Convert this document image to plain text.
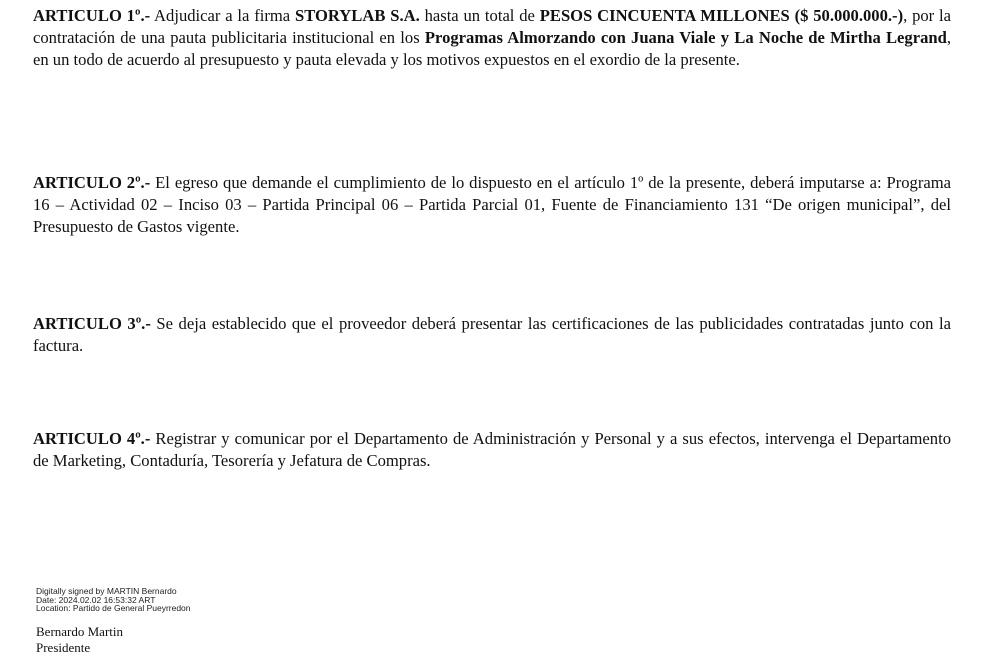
ARTICULO 1º.- Adjudicar a la firma STORYLAB S.A. hasta un total de PESOS CINCUENTA MILLONES ($ 50.000.000.-), por la contratación de una pauta publicitaria institucional en los Programas Almorzando con Juana Viale y La Noche de Mirtha Legrand, en un todo de acuerdo al presupuesto y pauta elevada y los motivos expuestos en el exordio de la presente.

ARTICULO 2º.- El egreso que demande el cumplimiento de lo dispuesto en el artículo 1º de la presente, deberá imputarse a: Programa 16 – Actividad 02 – Inciso 03 – Partida Principal 06 – Partida Parcial 01, Fuente de Financiamiento 131 “De origen municipal”, del Presupuesto de Gastos vigente.

ARTICULO 3º.- Se deja establecido que el proveedor deberá presentar las certificaciones de las publicidades contratadas junto con la factura.

ARTICULO 4º.- Registrar y comunicar por el Departamento de Administración y Personal y a sus efectos, intervenga el Departamento de Marketing, Contaduría, Tesorería y Jefatura de Compras.

Digitally signed by MARTIN Bernardo
Date: 2024.02.02 16:53:32 ART
Location: Partido de General Pueyrredon
Bernardo Martin
Presidente
